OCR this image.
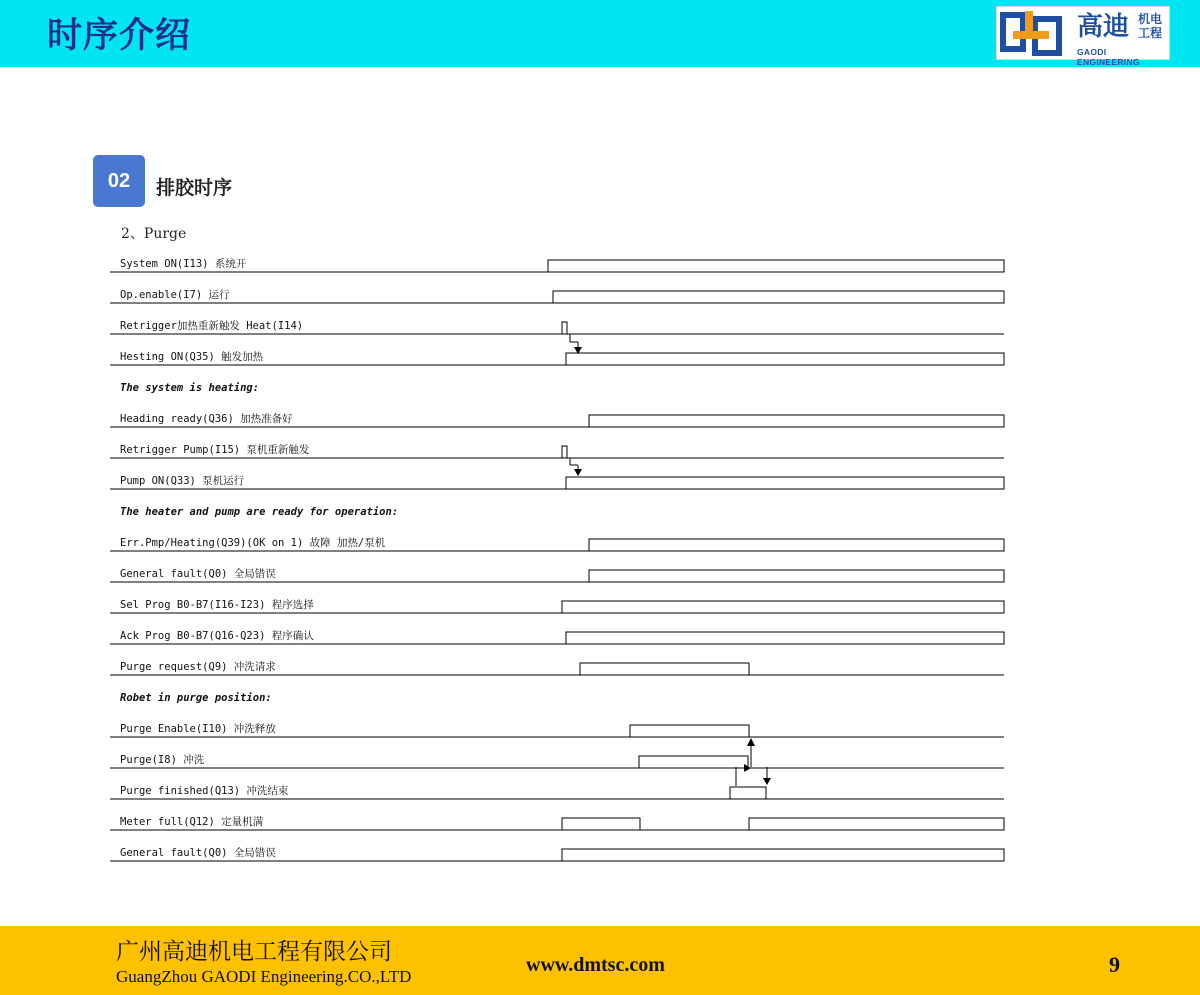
时序介绍	高迪 机电
工程
GAODI ENGINEERING
02	排胶时序
2、Purge
System ON(I13) 系统开
Op.enable(I7) 运行
Retrigger加热重新触发 Heat(I14)
Hesting ON(Q35) 触发加热
The system is heating:
Heading ready(Q36) 加热准备好
Retrigger Pump(I15) 泵机重新触发
Pump ON(Q33) 泵机运行
The heater and pump are ready for operation:
Err.Pmp/Heating(Q39)(OK on 1) 故障 加热/泵机
General fault(Q0) 全局错误
Sel Prog B0-B7(I16-I23) 程序选择
Ack Prog B0-B7(Q16-Q23) 程序确认
Purge request(Q9) 冲洗请求
Robet in purge position:
Purge Enable(I10) 冲洗释放
Purge(I8) 冲洗
Purge finished(Q13) 冲洗结束
Meter full(Q12) 定量机满
General fault(Q0) 全局错误
广州高迪机电工程有限公司
GuangZhou GAODI Engineering.CO.,LTD
www.dmtsc.com	9
